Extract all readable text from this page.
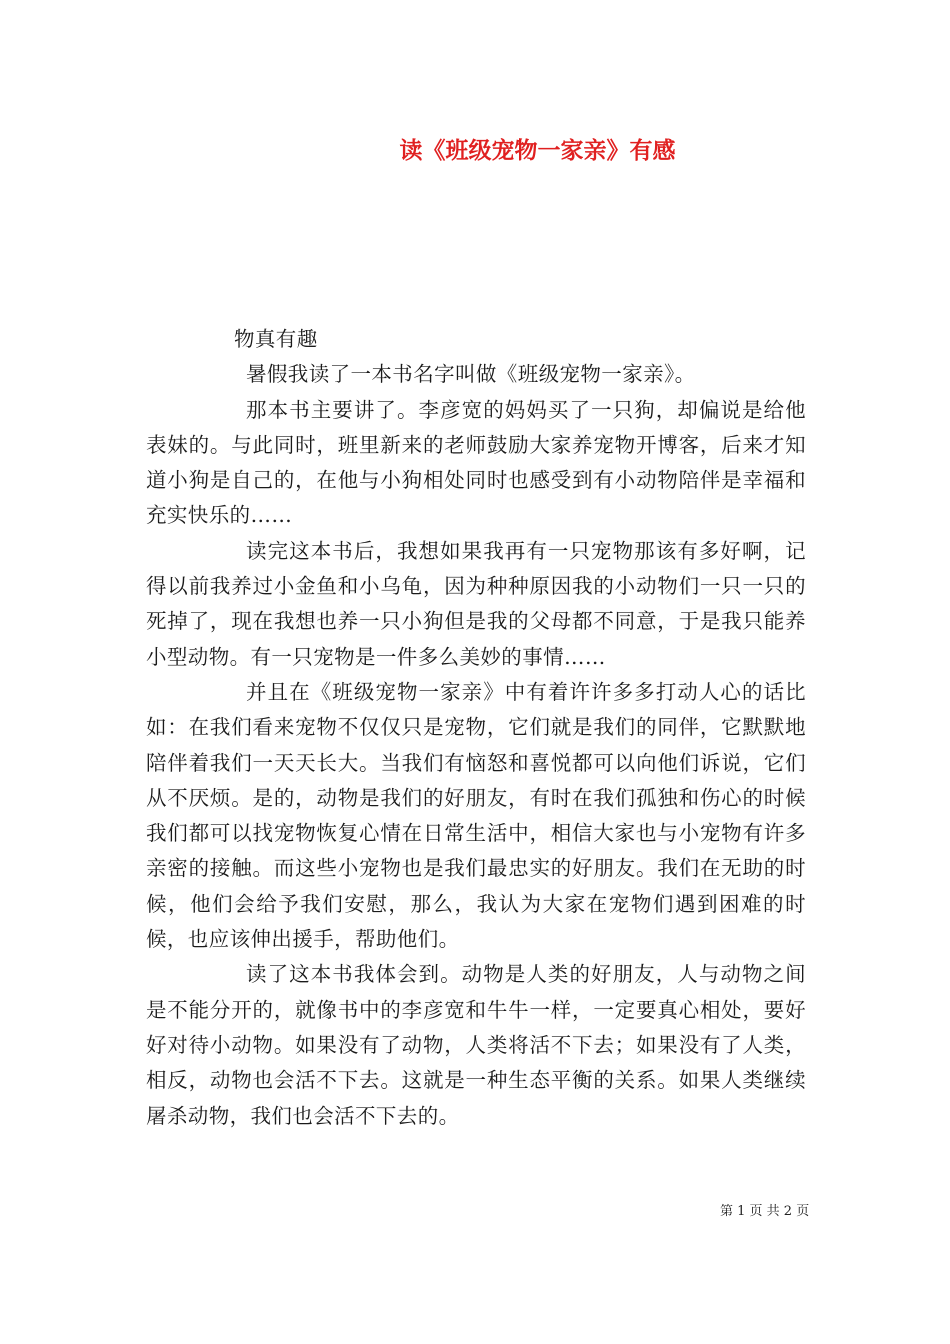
读《班级宠物一家亲》有感

物真有趣

暑假我读了一本书名字叫做《班级宠物一家亲》。

那本书主要讲了。李彦宽的妈妈买了一只狗，却偏说是给他表妹的。与此同时，班里新来的老师鼓励大家养宠物开博客，后来才知道小狗是自己的，在他与小狗相处同时也感受到有小动物陪伴是幸福和充实快乐的……

读完这本书后，我想如果我再有一只宠物那该有多好啊，记得以前我养过小金鱼和小乌龟，因为种种原因我的小动物们一只一只的死掉了，现在我想也养一只小狗但是我的父母都不同意，于是我只能养小型动物。有一只宠物是一件多么美妙的事情……

并且在《班级宠物一家亲》中有着许许多多打动人心的话比如：在我们看来宠物不仅仅只是宠物，它们就是我们的同伴，它默默地陪伴着我们一天天长大。当我们有恼怒和喜悦都可以向他们诉说，它们从不厌烦。是的，动物是我们的好朋友，有时在我们孤独和伤心的时候我们都可以找宠物恢复心情在日常生活中，相信大家也与小宠物有许多亲密的接触。而这些小宠物也是我们最忠实的好朋友。我们在无助的时候，他们会给予我们安慰，那么，我认为大家在宠物们遇到困难的时候，也应该伸出援手，帮助他们。

读了这本书我体会到。动物是人类的好朋友，人与动物之间是不能分开的，就像书中的李彦宽和牛牛一样，一定要真心相处，要好好对待小动物。如果没有了动物，人类将活不下去；如果没有了人类，相反，动物也会活不下去。这就是一种生态平衡的关系。如果人类继续屠杀动物，我们也会活不下去的。

第 1 页 共 2 页
